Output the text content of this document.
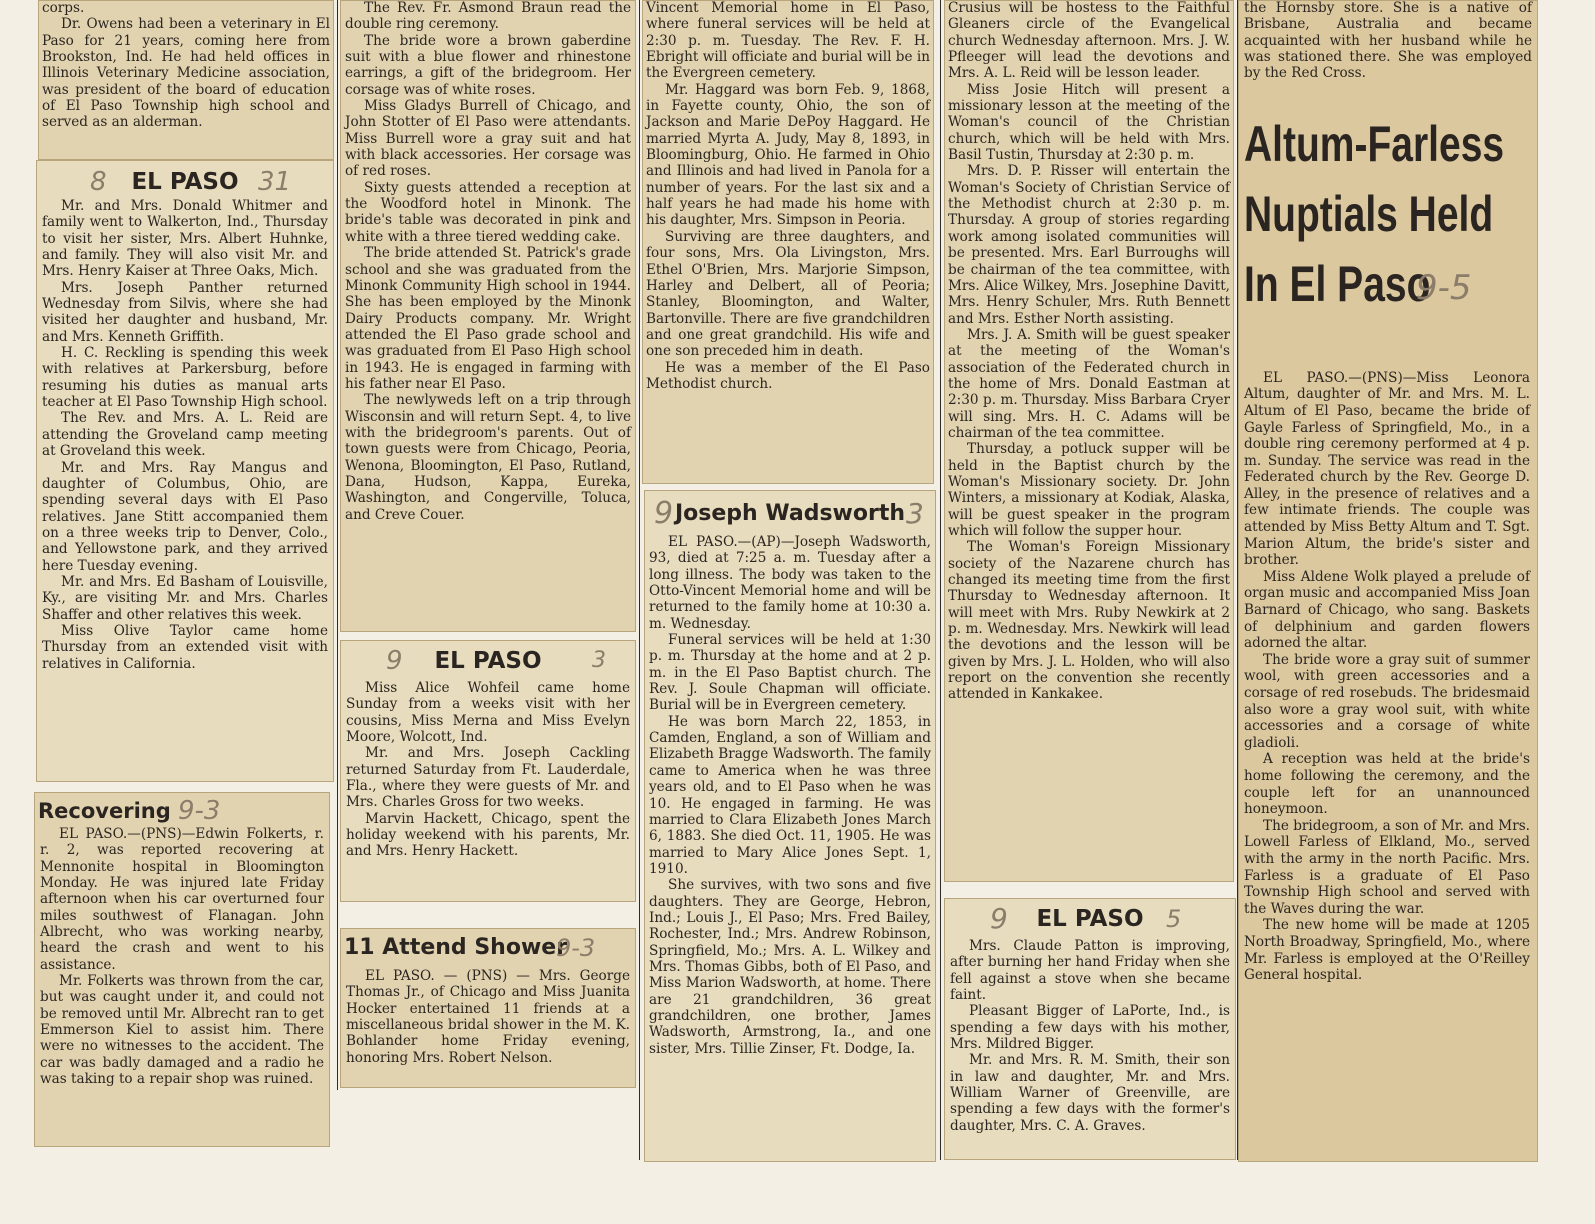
corps.

Dr. Owens had been a veterinary in El Paso for 21 years, coming here from Brookston, Ind. He had held offices in Illinois Veterinary Medicine association, was president of the board of education of El Paso Township high school and served as an alderman.

8 EL PASO 31

Mr. and Mrs. Donald Whitmer and family went to Walkerton, Ind., Thursday to visit her sister, Mrs. Albert Huhnke, and family. They will also visit Mr. and Mrs. Henry Kaiser at Three Oaks, Mich.

Mrs. Joseph Panther returned Wednesday from Silvis, where she had visited her daughter and husband, Mr. and Mrs. Kenneth Griffith.

H. C. Reckling is spending this week with relatives at Parkersburg, before resuming his duties as manual arts teacher at El Paso Township High school.

The Rev. and Mrs. A. L. Reid are attending the Groveland camp meeting at Groveland this week.

Mr. and Mrs. Ray Mangus and daughter of Columbus, Ohio, are spending several days with El Paso relatives. Jane Stitt accompanied them on a three weeks trip to Denver, Colo., and Yellowstone park, and they arrived here Tuesday evening.

Mr. and Mrs. Ed Basham of Louisville, Ky., are visiting Mr. and Mrs. Charles Shaffer and other relatives this week.

Miss Olive Taylor came home Thursday from an extended visit with relatives in California.

Recovering 9-3

EL PASO.—(PNS)—Edwin Folkerts, r. r. 2, was reported recovering at Mennonite hospital in Bloomington Monday. He was injured late Friday afternoon when his car overturned four miles southwest of Flanagan. John Albrecht, who was working nearby, heard the crash and went to his assistance.

Mr. Folkerts was thrown from the car, but was caught under it, and could not be removed until Mr. Albrecht ran to get Emmerson Kiel to assist him. There were no witnesses to the accident. The car was badly damaged and a radio he was taking to a repair shop was ruined.

The Rev. Fr. Asmond Braun read the double ring ceremony.

The bride wore a brown gaberdine suit with a blue flower and rhinestone earrings, a gift of the bridegroom. Her corsage was of white roses.

Miss Gladys Burrell of Chicago, and John Stotter of El Paso were attendants. Miss Burrell wore a gray suit and hat with black accessories. Her corsage was of red roses.

Sixty guests attended a reception at the Woodford hotel in Minonk. The bride's table was decorated in pink and white with a three tiered wedding cake.

The bride attended St. Patrick's grade school and she was graduated from the Minonk Community High school in 1944. She has been employed by the Minonk Dairy Products company. Mr. Wright attended the El Paso grade school and was graduated from El Paso High school in 1943. He is engaged in farming with his father near El Paso.

The newlyweds left on a trip through Wisconsin and will return Sept. 4, to live with the bridegroom's parents. Out of town guests were from Chicago, Peoria, Wenona, Bloomington, El Paso, Rutland, Dana, Hudson, Kappa, Eureka, Washington, and Congerville, Toluca, and Creve Couer.

9 EL PASO 3

Miss Alice Wohfeil came home Sunday from a weeks visit with her cousins, Miss Merna and Miss Evelyn Moore, Wolcott, Ind.

Mr. and Mrs. Joseph Cackling returned Saturday from Ft. Lauderdale, Fla., where they were guests of Mr. and Mrs. Charles Gross for two weeks.

Marvin Hackett, Chicago, spent the holiday weekend with his parents, Mr. and Mrs. Henry Hackett.

11 Attend Shower
9-3

EL PASO. — (PNS) — Mrs. George Thomas Jr., of Chicago and Miss Juanita Hocker entertained 11 friends at a miscellaneous bridal shower in the M. K. Bohlander home Friday evening, honoring Mrs. Robert Nelson.

Vincent Memorial home in El Paso, where funeral services will be held at 2:30 p. m. Tuesday. The Rev. F. H. Ebright will officiate and burial will be in the Evergreen cemetery.

Mr. Haggard was born Feb. 9, 1868, in Fayette county, Ohio, the son of Jackson and Marie DePoy Haggard. He married Myrta A. Judy, May 8, 1893, in Bloomingburg, Ohio. He farmed in Ohio and Illinois and had lived in Panola for a number of years. For the last six and a half years he had made his home with his daughter, Mrs. Simpson in Peoria.

Surviving are three daughters, and four sons, Mrs. Ola Livingston, Mrs. Ethel O'Brien, Mrs. Marjorie Simpson, Harley and Delbert, all of Peoria; Stanley, Bloomington, and Walter, Bartonville. There are five grandchildren and one great grandchild. His wife and one son preceded him in death.

He was a member of the El Paso Methodist church.

9 Joseph Wadsworth 3

EL PASO.—(AP)—Joseph Wadsworth, 93, died at 7:25 a. m. Tuesday after a long illness. The body was taken to the Otto-Vincent Memorial home and will be returned to the family home at 10:30 a. m. Wednesday.

Funeral services will be held at 1:30 p. m. Thursday at the home and at 2 p. m. in the El Paso Baptist church. The Rev. J. Soule Chapman will officiate. Burial will be in Evergreen cemetery.

He was born March 22, 1853, in Camden, England, a son of William and Elizabeth Bragge Wadsworth. The family came to America when he was three years old, and to El Paso when he was 10. He engaged in farming. He was married to Clara Elizabeth Jones March 6, 1883. She died Oct. 11, 1905. He was married to Mary Alice Jones Sept. 1, 1910.

She survives, with two sons and five daughters. They are George, Hebron, Ind.; Louis J., El Paso; Mrs. Fred Bailey, Rochester, Ind.; Mrs. Andrew Robinson, Springfield, Mo.; Mrs. A. L. Wilkey and Mrs. Thomas Gibbs, both of El Paso, and Miss Marion Wadsworth, at home. There are 21 grandchildren, 36 great grandchildren, one brother, James Wadsworth, Armstrong, Ia., and one sister, Mrs. Tillie Zinser, Ft. Dodge, Ia.

Crusius will be hostess to the Faithful Gleaners circle of the Evangelical church Wednesday afternoon. Mrs. J. W. Pfleeger will lead the devotions and Mrs. A. L. Reid will be lesson leader.

Miss Josie Hitch will present a missionary lesson at the meeting of the Woman's council of the Christian church, which will be held with Mrs. Basil Tustin, Thursday at 2:30 p. m.

Mrs. D. P. Risser will entertain the Woman's Society of Christian Service of the Methodist church at 2:30 p. m. Thursday. A group of stories regarding work among isolated communities will be presented. Mrs. Earl Burroughs will be chairman of the tea committee, with Mrs. Alice Wilkey, Mrs. Josephine Davitt, Mrs. Henry Schuler, Mrs. Ruth Bennett and Mrs. Esther North assisting.

Mrs. J. A. Smith will be guest speaker at the meeting of the Woman's association of the Federated church in the home of Mrs. Donald Eastman at 2:30 p. m. Thursday. Miss Barbara Cryer will sing. Mrs. H. C. Adams will be chairman of the tea committee.

Thursday, a potluck supper will be held in the Baptist church by the Woman's Missionary society. Dr. John Winters, a missionary at Kodiak, Alaska, will be guest speaker in the program which will follow the supper hour.

The Woman's Foreign Missionary society of the Nazarene church has changed its meeting time from the first Thursday to Wednesday afternoon. It will meet with Mrs. Ruby Newkirk at 2 p. m. Wednesday. Mrs. Newkirk will lead the devotions and the lesson will be given by Mrs. J. L. Holden, who will also report on the convention she recently attended in Kankakee.

9 EL PASO 5

Mrs. Claude Patton is improving, after burning her hand Friday when she fell against a stove when she became faint.

Pleasant Bigger of LaPorte, Ind., is spending a few days with his mother, Mrs. Mildred Bigger.

Mr. and Mrs. R. M. Smith, their son in law and daughter, Mr. and Mrs. William Warner of Greenville, are spending a few days with the former's daughter, Mrs. C. A. Graves.

the Hornsby store. She is a native of Brisbane, Australia and became acquainted with her husband while he was stationed there. She was employed by the Red Cross.

Altum-Farless
Nuptials Held
In El Paso
9-5

EL PASO.—(PNS)—Miss Leonora Altum, daughter of Mr. and Mrs. M. L. Altum of El Paso, became the bride of Gayle Farless of Springfield, Mo., in a double ring ceremony performed at 4 p. m. Sunday. The service was read in the Federated church by the Rev. George D. Alley, in the presence of relatives and a few intimate friends. The couple was attended by Miss Betty Altum and T. Sgt. Marion Altum, the bride's sister and brother.

Miss Aldene Wolk played a prelude of organ music and accompanied Miss Joan Barnard of Chicago, who sang. Baskets of delphinium and garden flowers adorned the altar.

The bride wore a gray suit of summer wool, with green accessories and a corsage of red rosebuds. The bridesmaid also wore a gray wool suit, with white accessories and a corsage of white gladioli.

A reception was held at the bride's home following the ceremony, and the couple left for an unannounced honeymoon.

The bridegroom, a son of Mr. and Mrs. Lowell Farless of Elkland, Mo., served with the army in the north Pacific. Mrs. Farless is a graduate of El Paso Township High school and served with the Waves during the war.

The new home will be made at 1205 North Broadway, Springfield, Mo., where Mr. Farless is employed at the O'Reilley General hospital.
